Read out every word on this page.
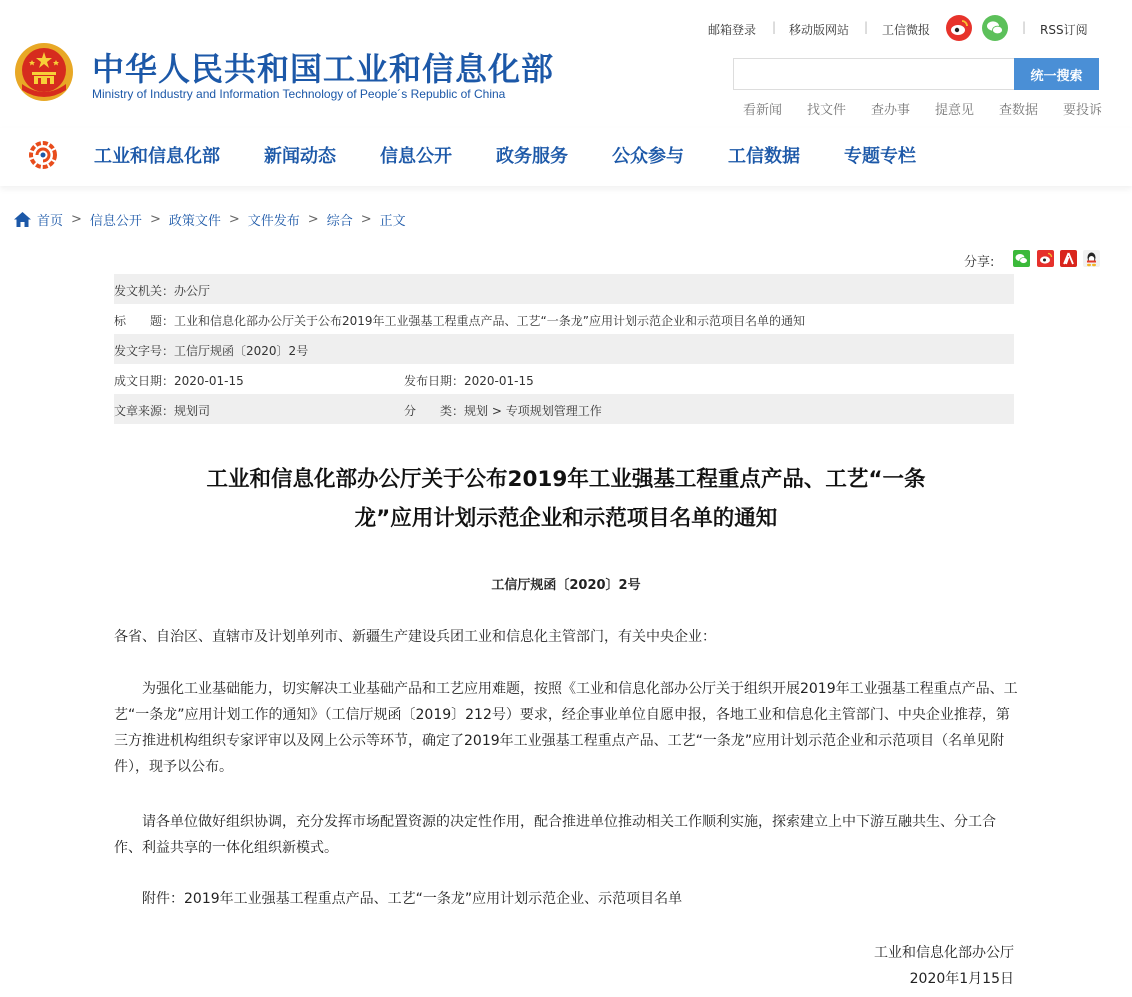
中华人民共和国工业和信息化部
Ministry of Industry and Information Technology of People´s Republic of China
邮箱登录 | 移动版网站 | 工信微报	| RSS订阅
统一搜索
看新闻 找文件 查办事 提意见 查数据 要投诉
工业和信息化部 新闻动态 信息公开 政务服务 公众参与 工信数据 专题专栏
首页 > 信息公开 > 政策文件 > 文件发布 > 综合 > 正文
分享:
发文机关：办公厅
标　　题：工业和信息化部办公厅关于公布2019年工业强基工程重点产品、工艺“一条龙”应用计划示范企业和示范项目名单的通知
发文字号：工信厅规函〔2020〕2号
成文日期：2020-01-15	发布日期：2020-01-15
文章来源：规划司	分　　类：规划 > 专项规划管理工作
工业和信息化部办公厅关于公布2019年工业强基工程重点产品、工艺“一条
龙”应用计划示范企业和示范项目名单的通知
工信厅规函〔2020〕2号
各省、自治区、直辖市及计划单列市、新疆生产建设兵团工业和信息化主管部门，有关中央企业：
为强化工业基础能力，切实解决工业基础产品和工艺应用难题，按照《工业和信息化部办公厅关于组织开展2019年工业强基工程重点产品、工艺“一条龙”应用计划工作的通知》（工信厅规函〔2019〕212号）要求，经企事业单位自愿申报，各地工业和信息化主管部门、中央企业推荐，第三方推进机构组织专家评审以及网上公示等环节，确定了2019年工业强基工程重点产品、工艺“一条龙”应用计划示范企业和示范项目（名单见附件），现予以公布。
请各单位做好组织协调，充分发挥市场配置资源的决定性作用，配合推进单位推动相关工作顺利实施，探索建立上中下游互融共生、分工合作、利益共享的一体化组织新模式。
附件：2019年工业强基工程重点产品、工艺“一条龙”应用计划示范企业、示范项目名单
工业和信息化部办公厅
2020年1月15日
